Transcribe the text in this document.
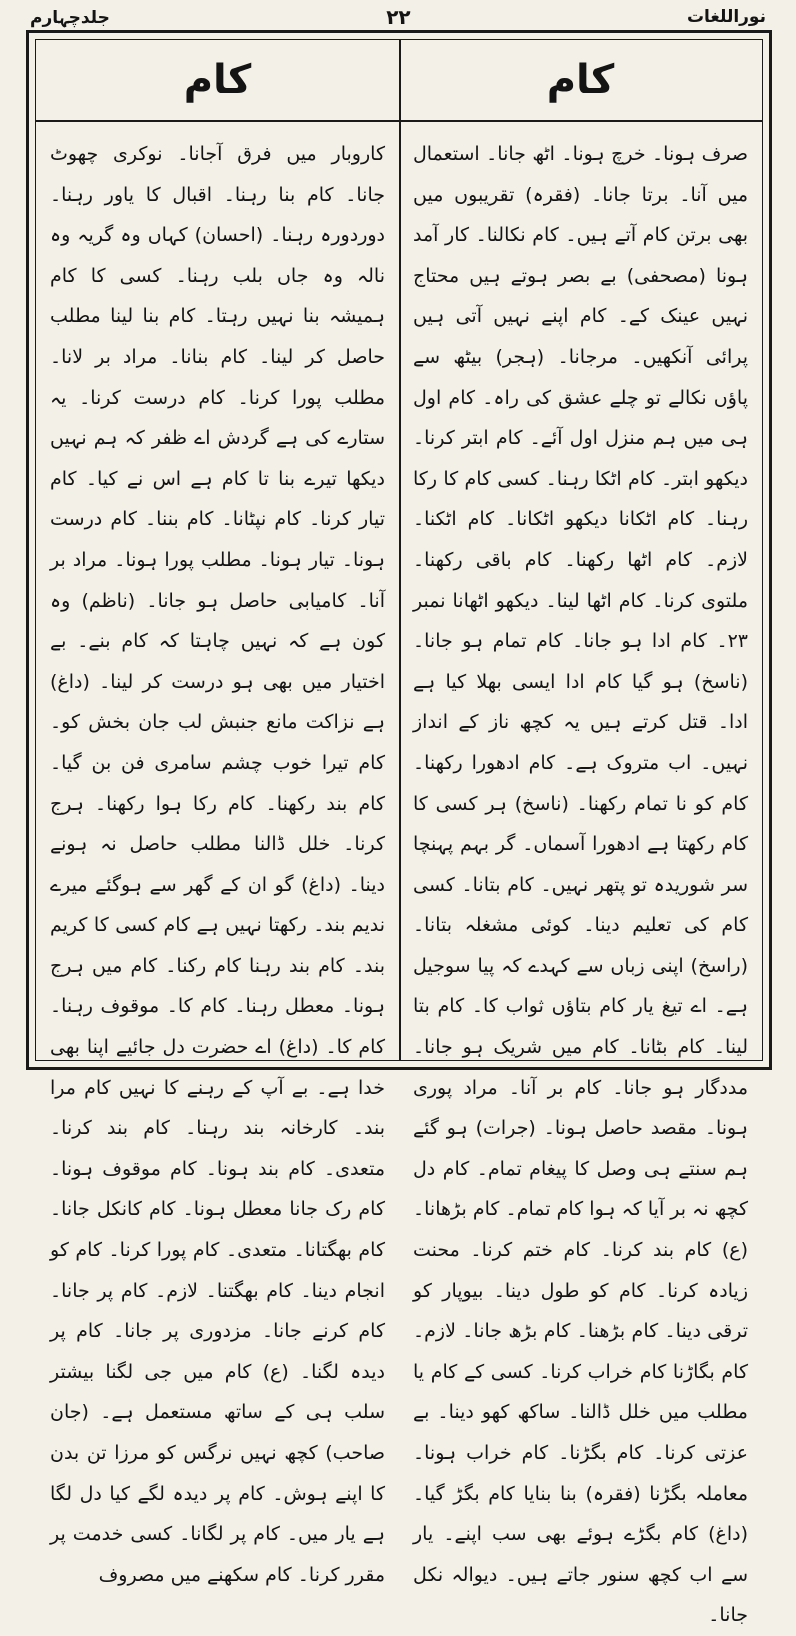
جلدچہارم	۲۲	نوراللغات
کام	کام

کاروبار میں فرق آجانا۔ نوکری چھوٹ جانا۔ کام بنا رہنا۔ اقبال کا یاور رہنا۔ دوردورہ رہنا۔ (احسان) کہاں وہ گریہ وہ نالہ وہ جاں بلب رہنا۔ کسی کا کام ہمیشہ بنا نہیں رہتا۔ کام بنا لینا مطلب حاصل کر لینا۔ کام بنانا۔ مراد بر لانا۔ مطلب پورا کرنا۔ کام درست کرنا۔ یہ ستارے کی ہے گردش اے ظفر کہ ہم نہیں دیکھا تیرے بنا تا کام ہے اس نے کیا۔ کام تیار کرنا۔ کام نپٹانا۔ کام بننا۔ کام درست ہونا۔ تیار ہونا۔ مطلب پورا ہونا۔ مراد بر آنا۔ کامیابی حاصل ہو جانا۔ (ناظم) وہ کون ہے کہ نہیں چاہتا کہ کام بنے۔ بے اختیار میں بھی ہو درست کر لینا۔ (داغ) ہے نزاکت مانع جنبش لب جان بخش کو۔ کام تیرا خوب چشم سامری فن بن گیا۔ کام بند رکھنا۔ کام رکا ہوا رکھنا۔ ہرج کرنا۔ خلل ڈالنا مطلب حاصل نہ ہونے دینا۔ (داغ) گو ان کے گھر سے ہوگئے میرے ندیم بند۔ رکھتا نہیں ہے کام کسی کا کریم بند۔ کام بند رہنا کام رکنا۔ کام میں ہرج ہونا۔ معطل رہنا۔ کام کا۔ موقوف رہنا۔ کام کا۔ (داغ) اے حضرت دل جائیے اپنا بھی خدا ہے۔ بے آپ کے رہنے کا نہیں کام مرا بند۔ کارخانہ بند رہنا۔ کام بند کرنا۔ متعدی۔ کام بند ہونا۔ کام موقوف ہونا۔ کام رک جانا معطل ہونا۔ کام کانکل جانا۔ کام بھگتانا۔ متعدی۔ کام پورا کرنا۔ کام کو انجام دینا۔ کام بھگتنا۔ لازم۔ کام پر جانا۔ کام کرنے جانا۔ مزدوری پر جانا۔ کام پر دیدہ لگنا۔ (ع) کام میں جی لگنا بیشتر سلب ہی کے ساتھ مستعمل ہے۔ (جان صاحب) کچھ نہیں نرگس کو مرزا تن بدن کا اپنے ہوش۔ کام پر دیدہ لگے کیا دل لگا ہے یار میں۔ کام پر لگانا۔ کسی خدمت پر مقرر کرنا۔ کام سکھنے میں مصروف

صرف ہونا۔ خرچ ہونا۔ اٹھ جانا۔ استعمال میں آنا۔ برتا جانا۔ (فقرہ) تقریبوں میں بھی برتن کام آتے ہیں۔ کام نکالنا۔ کار آمد ہونا (مصحفی) بے بصر ہوتے ہیں محتاج نہیں عینک کے۔ کام اپنے نہیں آتی ہیں پرائی آنکھیں۔ مرجانا۔ (ہجر) بیٹھ سے پاؤں نکالے تو چلے عشق کی راہ۔ کام اول ہی میں ہم منزل اول آئے۔ کام ابتر کرنا۔ دیکھو ابتر۔ کام اٹکا رہنا۔ کسی کام کا رکا رہنا۔ کام اٹکانا دیکھو اٹکانا۔ کام اٹکنا۔ لازم۔ کام اٹھا رکھنا۔ کام باقی رکھنا۔ ملتوی کرنا۔ کام اٹھا لینا۔ دیکھو اٹھانا نمبر ۲۳۔ کام ادا ہو جانا۔ کام تمام ہو جانا۔ (ناسخ) ہو گیا کام ادا ایسی بھلا کیا ہے ادا۔ قتل کرتے ہیں یہ کچھ ناز کے انداز نہیں۔ اب متروک ہے۔ کام ادھورا رکھنا۔ کام کو نا تمام رکھنا۔ (ناسخ) ہر کسی کا کام رکھتا ہے ادھورا آسماں۔ گر بہم پہنچا سر شوریدہ تو پتھر نہیں۔ کام بتانا۔ کسی کام کی تعلیم دینا۔ کوئی مشغلہ بتانا۔ (راسخ) اپنی زباں سے کہدے کہ پیا سوجیل ہے۔ اے تیغ یار کام بتاؤں ثواب کا۔ کام بتا لینا۔ کام بٹانا۔ کام میں شریک ہو جانا۔ مددگار ہو جانا۔ کام بر آنا۔ مراد پوری ہونا۔ مقصد حاصل ہونا۔ (جرات) ہو گئے ہم سنتے ہی وصل کا پیغام تمام۔ کام دل کچھ نہ بر آیا کہ ہوا کام تمام۔ کام بڑھانا۔ (ع) کام بند کرنا۔ کام ختم کرنا۔ محنت زیادہ کرنا۔ کام کو طول دینا۔ بیوپار کو ترقی دینا۔ کام بڑھنا۔ کام بڑھ جانا۔ لازم۔ کام بگاڑنا کام خراب کرنا۔ کسی کے کام یا مطلب میں خلل ڈالنا۔ ساکھ کھو دینا۔ بے عزتی کرنا۔ کام بگڑنا۔ کام خراب ہونا۔ معاملہ بگڑنا (فقرہ) بنا بنایا کام بگڑ گیا۔ (داغ) کام بگڑے ہوئے بھی سب اپنے۔ یار سے اب کچھ سنور جاتے ہیں۔ دیوالہ نکل جانا۔
